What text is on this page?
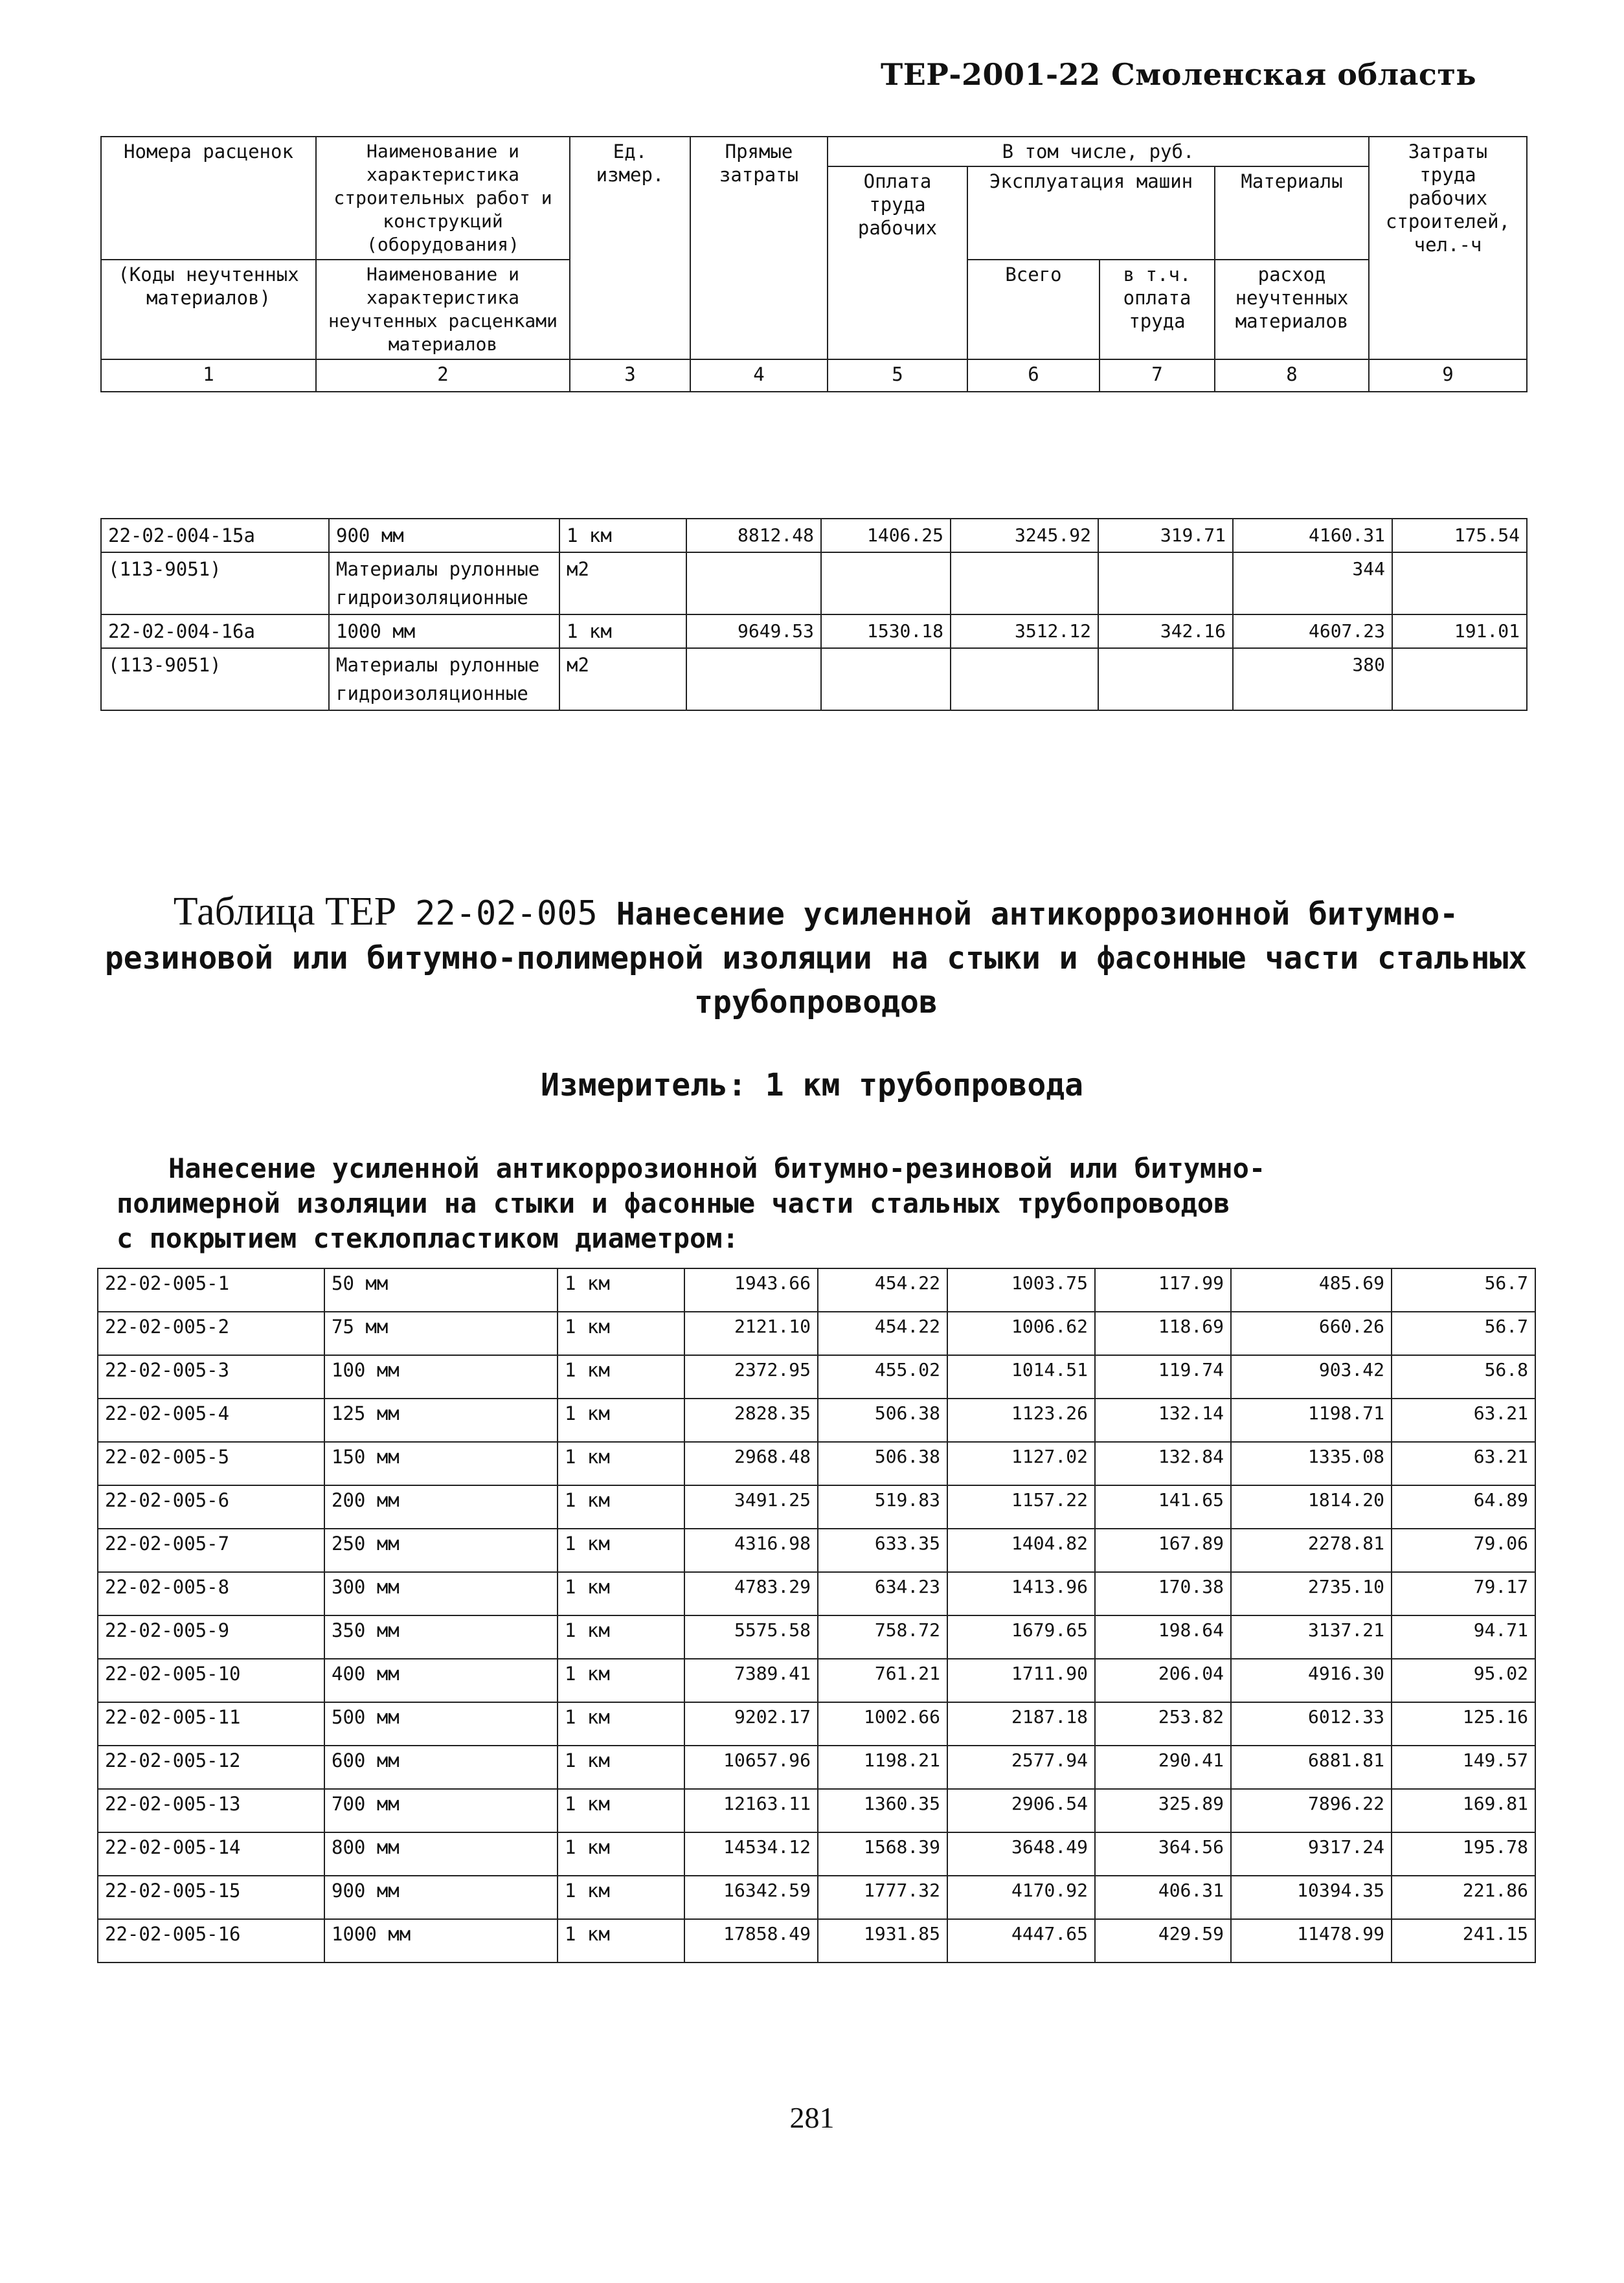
ТЕР-2001-22 Смоленская область
Номера расценок	Наименование и характеристика строительных работ и конструкций (оборудования)	Ед. измер.	Прямые затраты	В том числе, руб.				Затраты труда рабочих строителей, чел.-ч
				Оплата труда рабочих	Эксплуатация машин		Материалы	
(Коды неучтенных материалов)	Наименование и характеристика неучтенных расценками материалов				Всего	в т.ч. оплата труда	расход неучтенных материалов	
1	2	3	4	5	6	7	8	9
22-02-004-15а	900 мм	1 км	8812.48	1406.25	3245.92	319.71	4160.31	175.54
(113-9051)	Материалы рулонные гидроизоляционные	м2					344	
22-02-004-16а	1000 мм	1 км	9649.53	1530.18	3512.12	342.16	4607.23	191.01
(113-9051)	Материалы рулонные гидроизоляционные	м2					380	
Таблица ТЕР 22-02-005 Нанесение усиленной антикоррозионной битумно-резиновой или битумно-полимерной изоляции на стыки и фасонные части стальных трубопроводов
Измеритель: 1 км трубопровода
Нанесение усиленной антикоррозионной битумно-резиновой или битумно-
полимерной изоляции на стыки и фасонные части стальных трубопроводов
с покрытием стеклопластиком диаметром:
22-02-005-1	50 мм	1 км	1943.66	454.22	1003.75	117.99	485.69	56.7
22-02-005-2	75 мм	1 км	2121.10	454.22	1006.62	118.69	660.26	56.7
22-02-005-3	100 мм	1 км	2372.95	455.02	1014.51	119.74	903.42	56.8
22-02-005-4	125 мм	1 км	2828.35	506.38	1123.26	132.14	1198.71	63.21
22-02-005-5	150 мм	1 км	2968.48	506.38	1127.02	132.84	1335.08	63.21
22-02-005-6	200 мм	1 км	3491.25	519.83	1157.22	141.65	1814.20	64.89
22-02-005-7	250 мм	1 км	4316.98	633.35	1404.82	167.89	2278.81	79.06
22-02-005-8	300 мм	1 км	4783.29	634.23	1413.96	170.38	2735.10	79.17
22-02-005-9	350 мм	1 км	5575.58	758.72	1679.65	198.64	3137.21	94.71
22-02-005-10	400 мм	1 км	7389.41	761.21	1711.90	206.04	4916.30	95.02
22-02-005-11	500 мм	1 км	9202.17	1002.66	2187.18	253.82	6012.33	125.16
22-02-005-12	600 мм	1 км	10657.96	1198.21	2577.94	290.41	6881.81	149.57
22-02-005-13	700 мм	1 км	12163.11	1360.35	2906.54	325.89	7896.22	169.81
22-02-005-14	800 мм	1 км	14534.12	1568.39	3648.49	364.56	9317.24	195.78
22-02-005-15	900 мм	1 км	16342.59	1777.32	4170.92	406.31	10394.35	221.86
22-02-005-16	1000 мм	1 км	17858.49	1931.85	4447.65	429.59	11478.99	241.15
281
